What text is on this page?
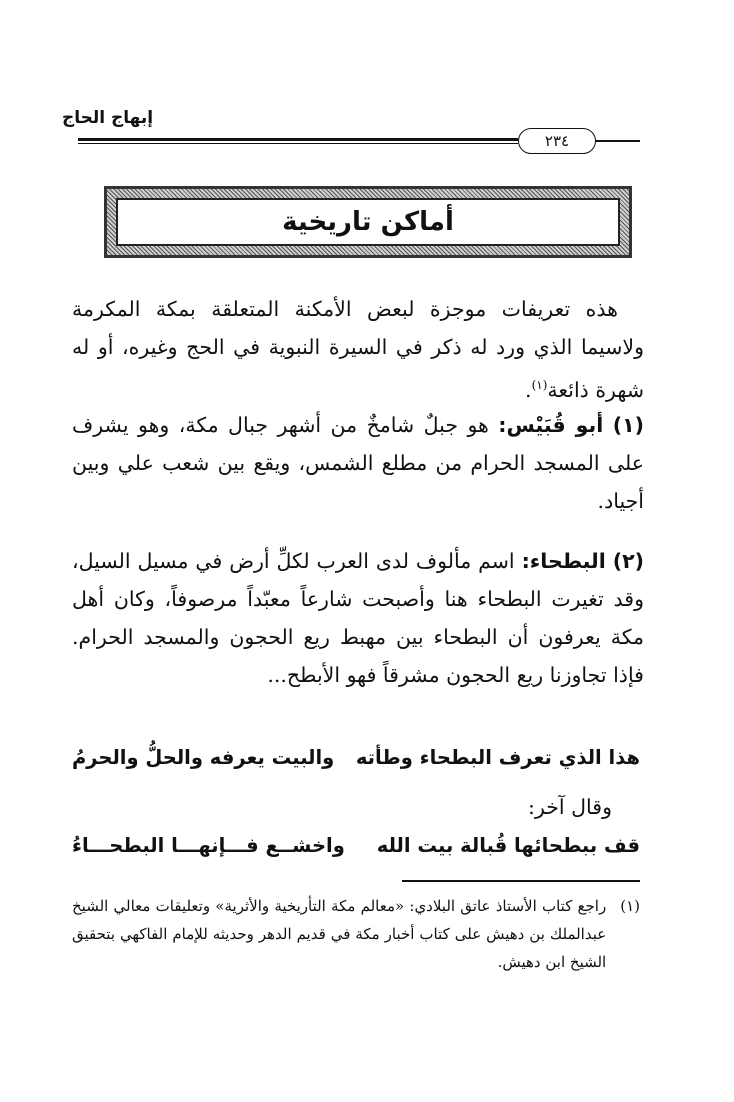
إبهاج الحاج
٢٣٤
أماكن تاريخية
هذه تعريفات موجزة لبعض الأمكنة المتعلقة بمكة المكرمة ولاسيما الذي ورد له ذكر في السيرة النبوية في الحج وغيره، أو له شهرة ذائعة$^{(١)}$.
(١) أبو قُبَيْس: هو جبلٌ شامخٌ من أشهر جبال مكة، وهو يشرف على المسجد الحرام من مطلع الشمس، ويقع بين شعب علي وبين أجياد.
(٢) البطحاء: اسم مألوف لدى العرب لكلِّ أرض في مسيل السيل، وقد تغيرت البطحاء هنا وأصبحت شارعاً معبّداً مرصوفاً، وكان أهل مكة يعرفون أن البطحاء بين مهبط ريع الحجون والمسجد الحرام. فإذا تجاوزنا ريع الحجون مشرقاً فهو الأبطح...
هذا الذي تعرف البطحاء وطأته
والبيت يعرفه والحلُّ والحرمُ
وقال آخر:
قف ببطحائها قُبالة بيت الله
واخشــع فـــإنهـــا البطحـــاءُ
(١)
راجع كتاب الأستاذ عاتق البلادي: «معالم مكة التأريخية والأثرية» وتعليقات معالي الشيخ عبدالملك بن دهيش على كتاب أخبار مكة في قديم الدهر وحديثه للإمام الفاكهي بتحقيق الشيخ ابن دهيش.
